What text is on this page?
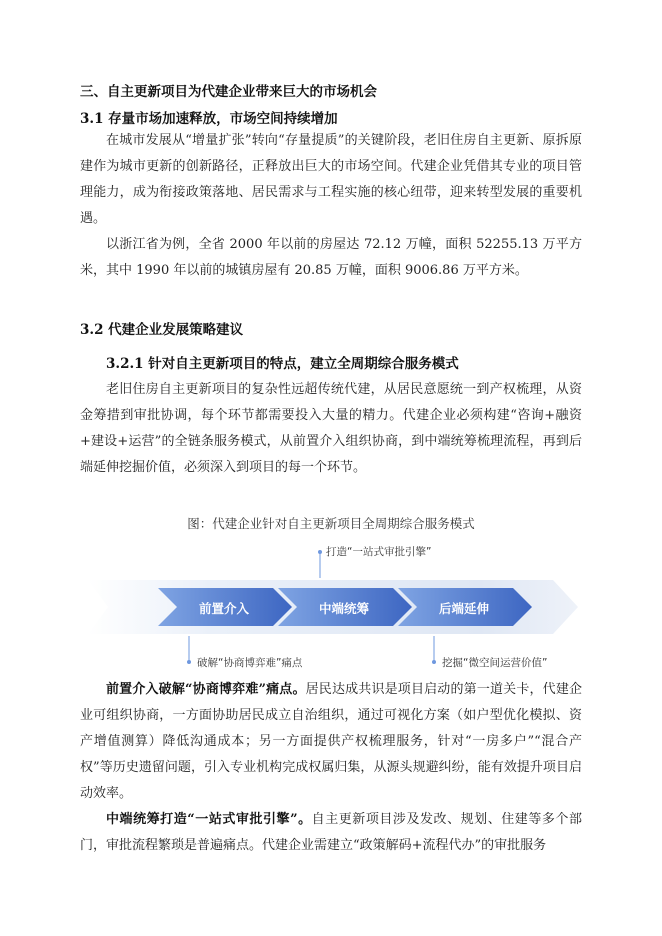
三、自主更新项目为代建企业带来巨大的市场机会
3.1 存量市场加速释放，市场空间持续增加
在城市发展从“增量扩张”转向“存量提质”的关键阶段，老旧住房自主更新、原拆原建作为城市更新的创新路径，正释放出巨大的市场空间。代建企业凭借其专业的项目管理能力，成为衔接政策落地、居民需求与工程实施的核心纽带，迎来转型发展的重要机遇。
以浙江省为例，全省 2000 年以前的房屋达 72.12 万幢，面积 52255.13 万平方米，其中 1990 年以前的城镇房屋有 20.85 万幢，面积 9006.86 万平方米。
3.2 代建企业发展策略建议
3.2.1 针对自主更新项目的特点，建立全周期综合服务模式
老旧住房自主更新项目的复杂性远超传统代建，从居民意愿统一到产权梳理，从资金筹措到审批协调，每个环节都需要投入大量的精力。代建企业必须构建“咨询+融资+建设+运营”的全链条服务模式，从前置介入组织协商，到中端统筹梳理流程，再到后端延伸挖掘价值，必须深入到项目的每一个环节。
图：代建企业针对自主更新项目全周期综合服务模式
前置介入	中端统筹	后端延伸
打造“一站式审批引擎”
破解“协商博弈难”痛点	挖掘“微空间运营价值”
前置介入破解“协商博弈难”痛点。居民达成共识是项目启动的第一道关卡，代建企业可组织协商，一方面协助居民成立自治组织，通过可视化方案（如户型优化模拟、资产增值测算）降低沟通成本；另一方面提供产权梳理服务，针对“一房多户”“混合产权”等历史遗留问题，引入专业机构完成权属归集，从源头规避纠纷，能有效提升项目启动效率。
中端统筹打造“一站式审批引擎”。自主更新项目涉及发改、规划、住建等多个部门，审批流程繁琐是普遍痛点。代建企业需建立“政策解码+流程代办”的审批服务
